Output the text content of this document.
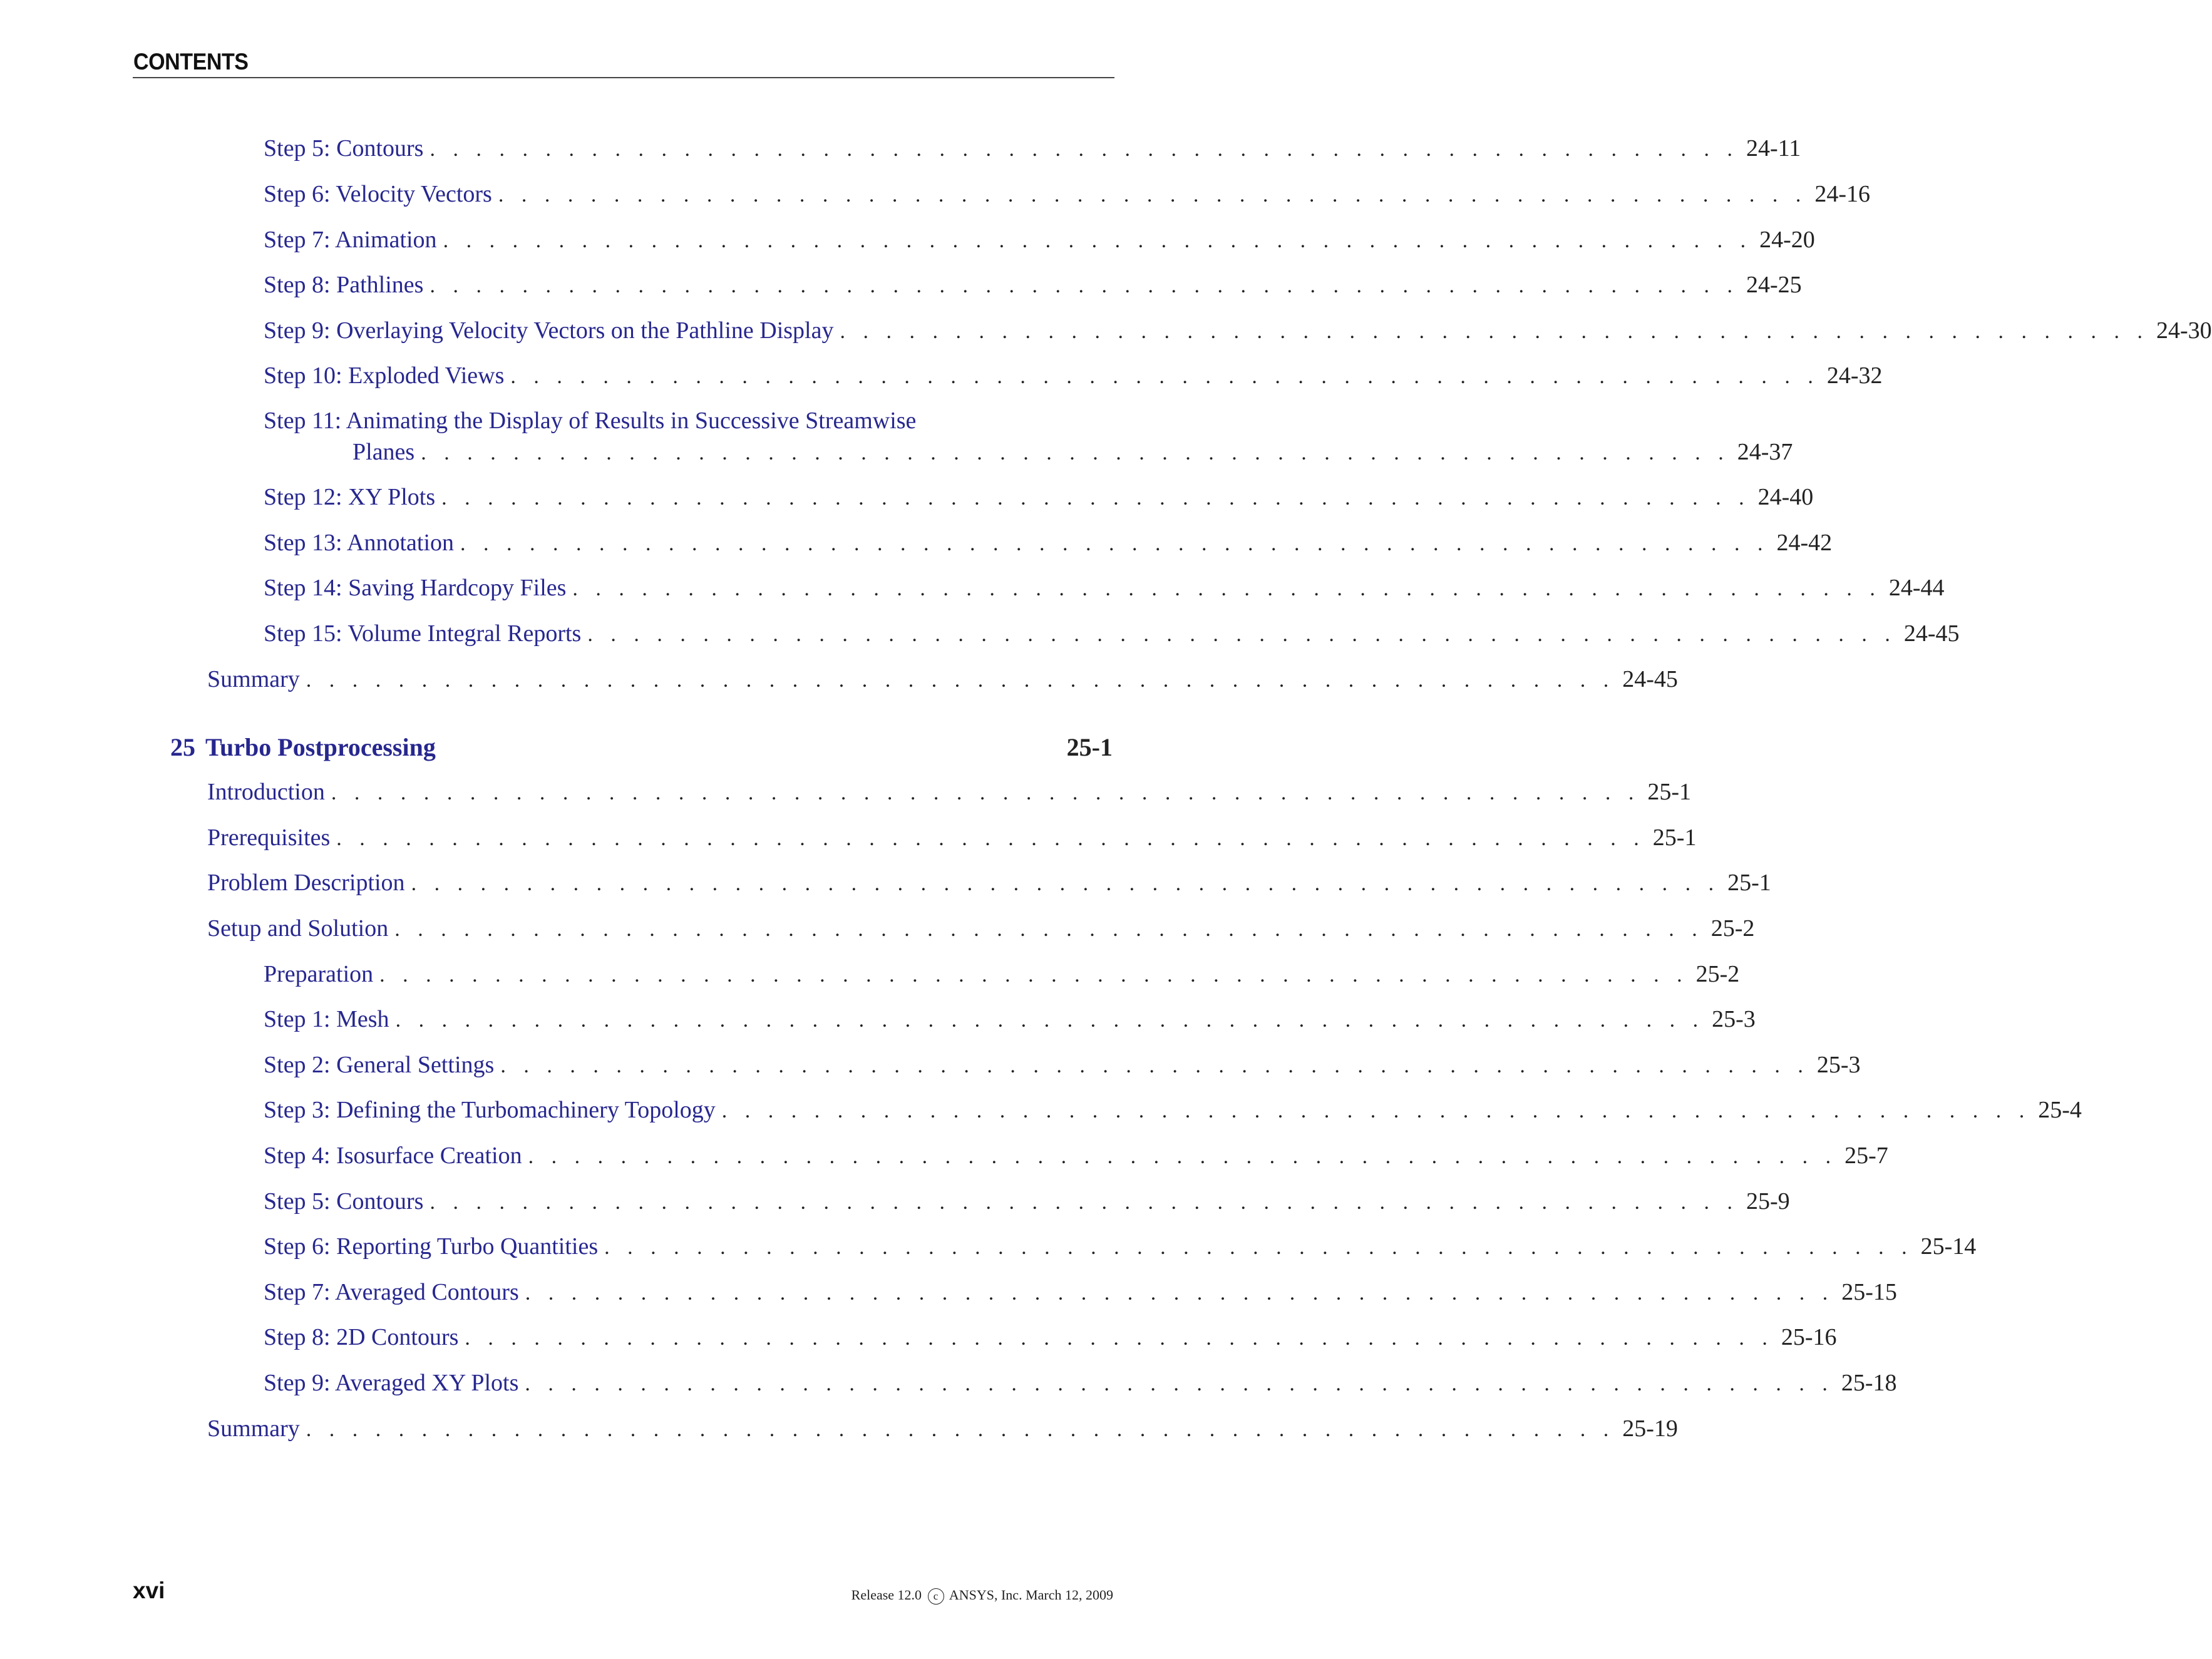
CONTENTS
Step 5: Contours . . . . . . . . . . . . . . . . . . . . . . . . . . . . . . . . . . . . . . . . . . . . . . . . . . . . . . . . . 24-11
Step 6: Velocity Vectors . . . . . . . . . . . . . . . . . . . . . . . . . . . . . . . . . . . . . . . . . . . . . . . . . . . . . . . . . 24-16
Step 7: Animation . . . . . . . . . . . . . . . . . . . . . . . . . . . . . . . . . . . . . . . . . . . . . . . . . . . . . . . . . 24-20
Step 8: Pathlines . . . . . . . . . . . . . . . . . . . . . . . . . . . . . . . . . . . . . . . . . . . . . . . . . . . . . . . . . 24-25
Step 9: Overlaying Velocity Vectors on the Pathline Display . . . . . . . . . . . . . . . . . . . . . . . . . . . . . . . . . . . . . . . . . . . . . . . . . . . . . . . . . 24-30
Step 10: Exploded Views . . . . . . . . . . . . . . . . . . . . . . . . . . . . . . . . . . . . . . . . . . . . . . . . . . . . . . . . . 24-32
Step 11: Animating the Display of Results in Successive Streamwise
Planes . . . . . . . . . . . . . . . . . . . . . . . . . . . . . . . . . . . . . . . . . . . . . . . . . . . . . . . . . 24-37
Step 12: XY Plots . . . . . . . . . . . . . . . . . . . . . . . . . . . . . . . . . . . . . . . . . . . . . . . . . . . . . . . . . 24-40
Step 13: Annotation . . . . . . . . . . . . . . . . . . . . . . . . . . . . . . . . . . . . . . . . . . . . . . . . . . . . . . . . . 24-42
Step 14: Saving Hardcopy Files . . . . . . . . . . . . . . . . . . . . . . . . . . . . . . . . . . . . . . . . . . . . . . . . . . . . . . . . . 24-44
Step 15: Volume Integral Reports . . . . . . . . . . . . . . . . . . . . . . . . . . . . . . . . . . . . . . . . . . . . . . . . . . . . . . . . . 24-45
Summary . . . . . . . . . . . . . . . . . . . . . . . . . . . . . . . . . . . . . . . . . . . . . . . . . . . . . . . . . 24-45
25 Turbo Postprocessing	25-1
Introduction . . . . . . . . . . . . . . . . . . . . . . . . . . . . . . . . . . . . . . . . . . . . . . . . . . . . . . . . . 25-1
Prerequisites . . . . . . . . . . . . . . . . . . . . . . . . . . . . . . . . . . . . . . . . . . . . . . . . . . . . . . . . . 25-1
Problem Description . . . . . . . . . . . . . . . . . . . . . . . . . . . . . . . . . . . . . . . . . . . . . . . . . . . . . . . . . 25-1
Setup and Solution . . . . . . . . . . . . . . . . . . . . . . . . . . . . . . . . . . . . . . . . . . . . . . . . . . . . . . . . . 25-2
Preparation . . . . . . . . . . . . . . . . . . . . . . . . . . . . . . . . . . . . . . . . . . . . . . . . . . . . . . . . . 25-2
Step 1: Mesh . . . . . . . . . . . . . . . . . . . . . . . . . . . . . . . . . . . . . . . . . . . . . . . . . . . . . . . . . 25-3
Step 2: General Settings . . . . . . . . . . . . . . . . . . . . . . . . . . . . . . . . . . . . . . . . . . . . . . . . . . . . . . . . . 25-3
Step 3: Defining the Turbomachinery Topology . . . . . . . . . . . . . . . . . . . . . . . . . . . . . . . . . . . . . . . . . . . . . . . . . . . . . . . . . 25-4
Step 4: Isosurface Creation . . . . . . . . . . . . . . . . . . . . . . . . . . . . . . . . . . . . . . . . . . . . . . . . . . . . . . . . . 25-7
Step 5: Contours . . . . . . . . . . . . . . . . . . . . . . . . . . . . . . . . . . . . . . . . . . . . . . . . . . . . . . . . . 25-9
Step 6: Reporting Turbo Quantities . . . . . . . . . . . . . . . . . . . . . . . . . . . . . . . . . . . . . . . . . . . . . . . . . . . . . . . . . 25-14
Step 7: Averaged Contours . . . . . . . . . . . . . . . . . . . . . . . . . . . . . . . . . . . . . . . . . . . . . . . . . . . . . . . . . 25-15
Step 8: 2D Contours . . . . . . . . . . . . . . . . . . . . . . . . . . . . . . . . . . . . . . . . . . . . . . . . . . . . . . . . . 25-16
Step 9: Averaged XY Plots . . . . . . . . . . . . . . . . . . . . . . . . . . . . . . . . . . . . . . . . . . . . . . . . . . . . . . . . . 25-18
Summary . . . . . . . . . . . . . . . . . . . . . . . . . . . . . . . . . . . . . . . . . . . . . . . . . . . . . . . . . 25-19
xvi	Release 12.0 c ANSYS, Inc. March 12, 2009
